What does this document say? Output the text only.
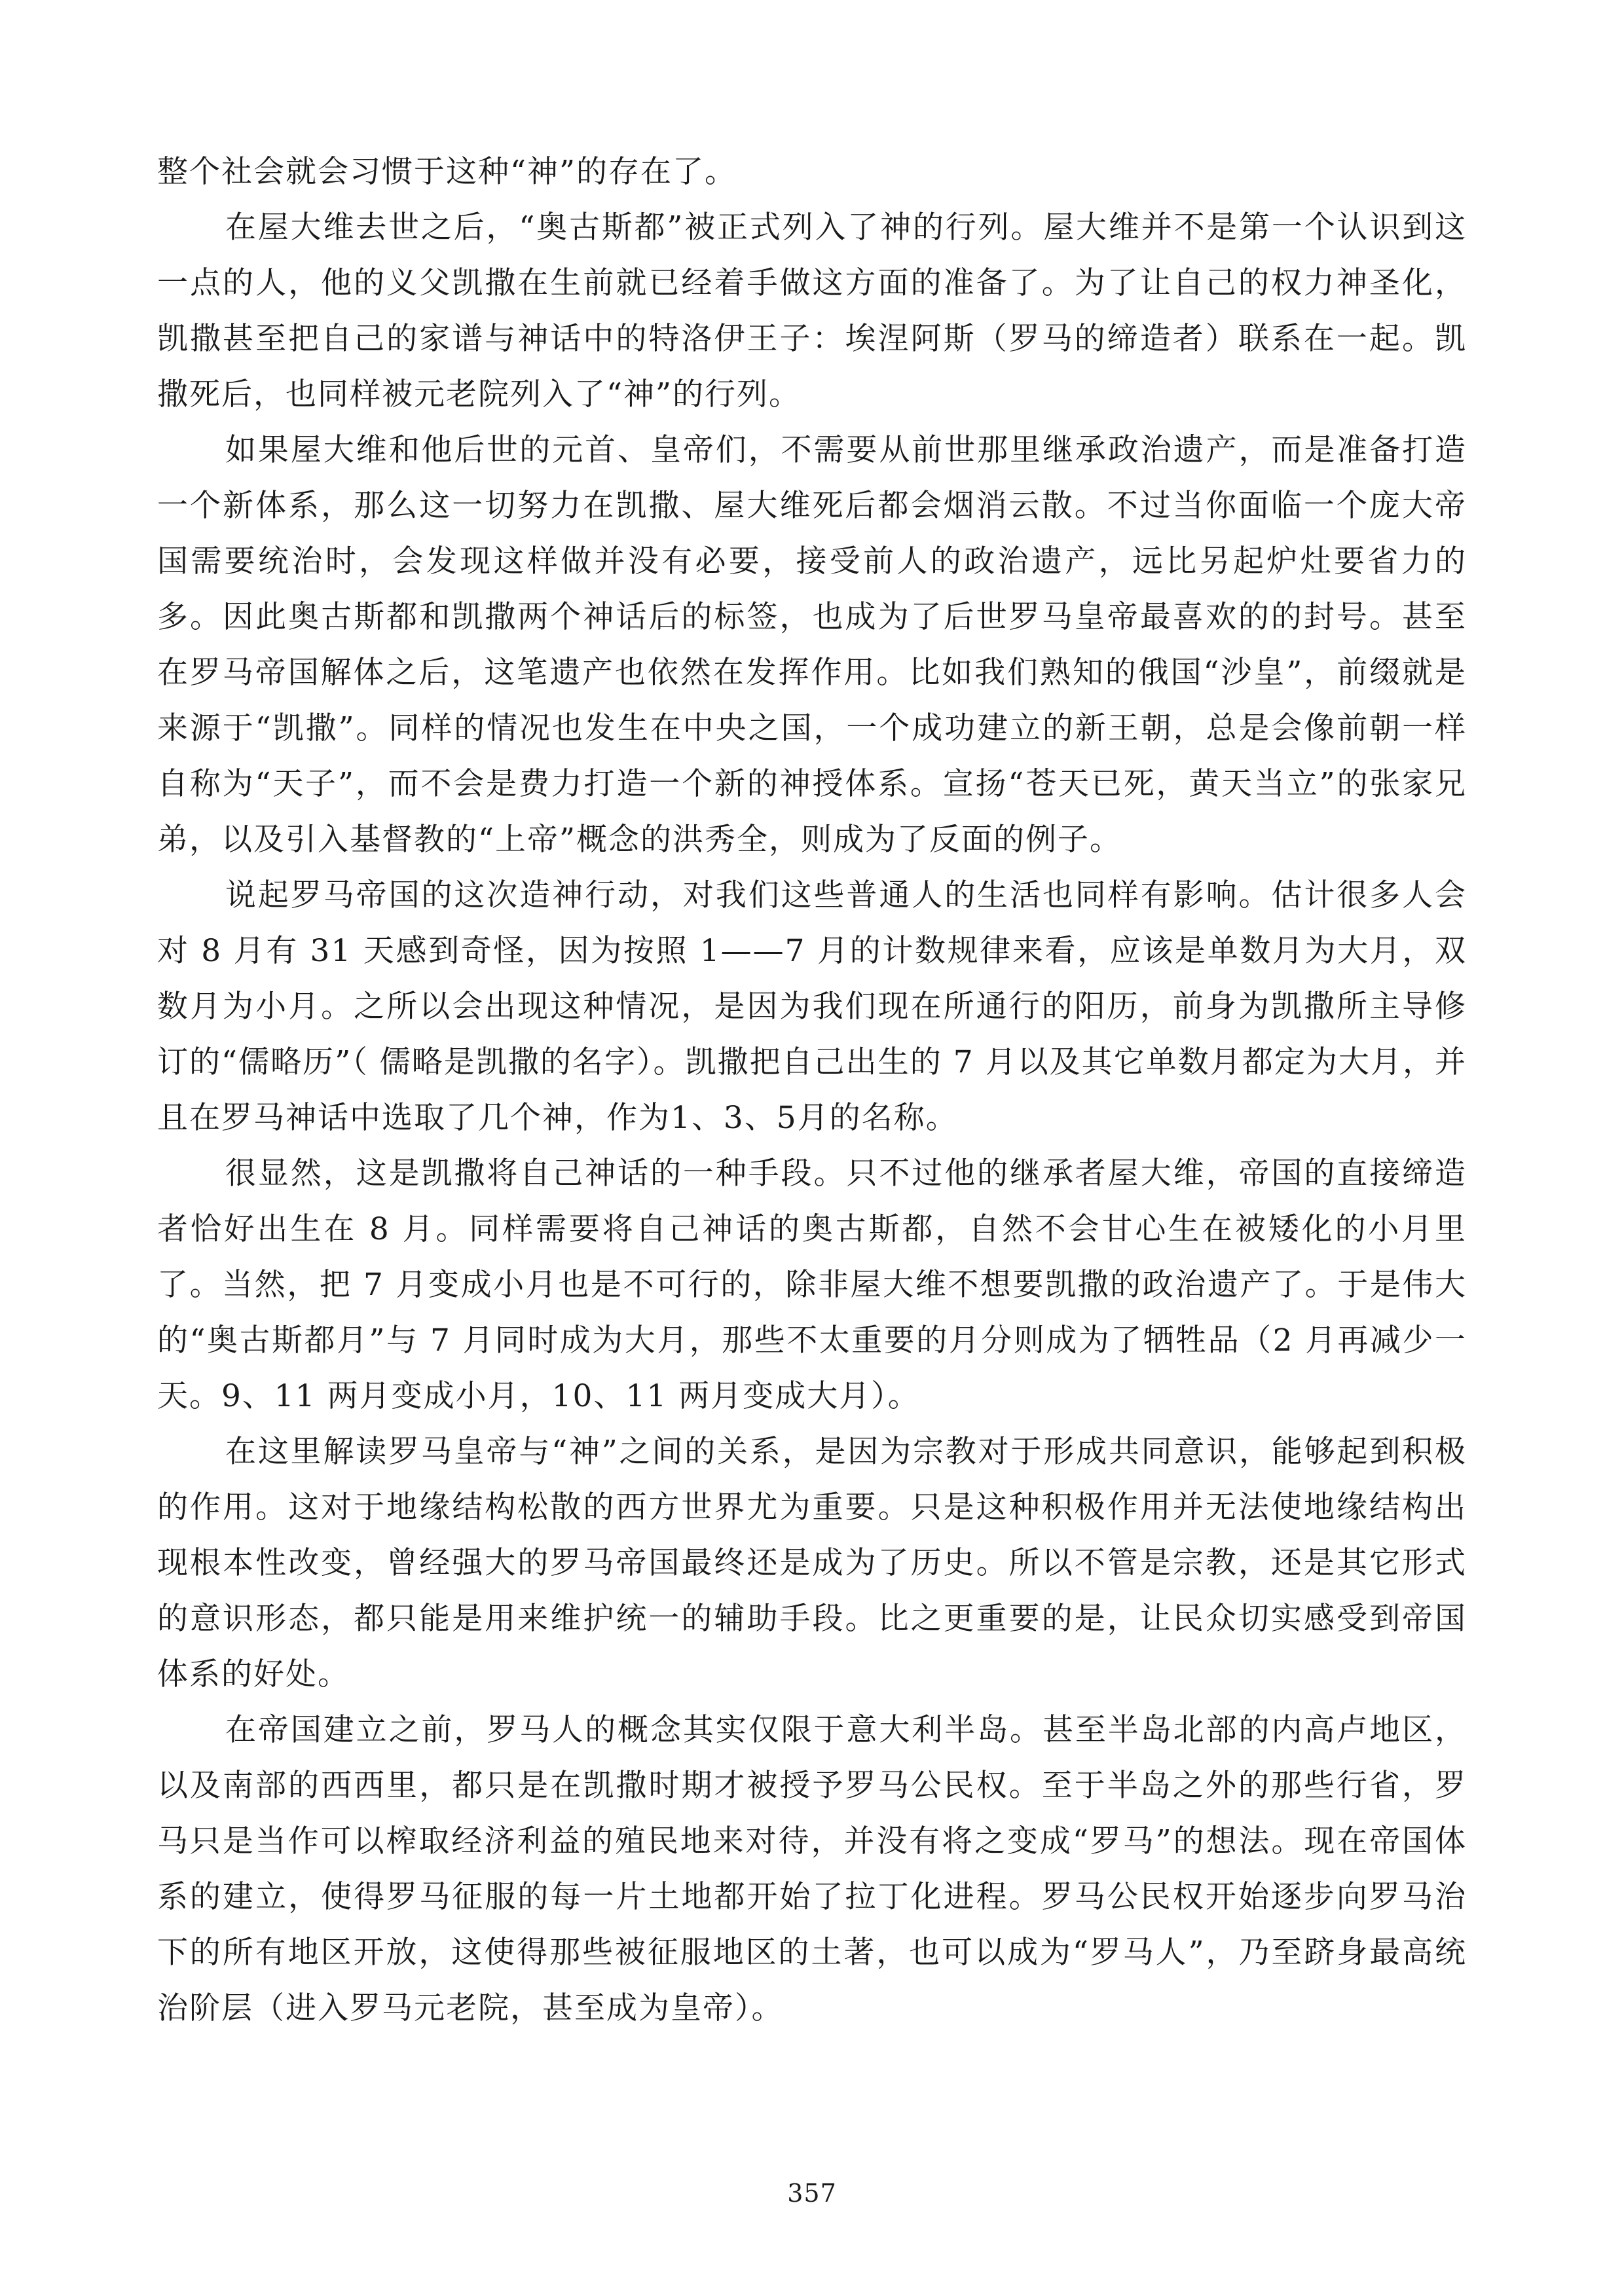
整个社会就会习惯于这种“神”的存在了。

在屋大维去世之后，“奥古斯都”被正式列入了神的行列。屋大维并不是第一个认识到这一点的人，他的义父凯撒在生前就已经着手做这方面的准备了。为了让自己的权力神圣化，凯撒甚至把自己的家谱与神话中的特洛伊王子：埃涅阿斯（罗马的缔造者）联系在一起。凯撒死后，也同样被元老院列入了“神”的行列。

如果屋大维和他后世的元首、皇帝们，不需要从前世那里继承政治遗产，而是准备打造一个新体系，那么这一切努力在凯撒、屋大维死后都会烟消云散。不过当你面临一个庞大帝国需要统治时，会发现这样做并没有必要，接受前人的政治遗产，远比另起炉灶要省力的多。因此奥古斯都和凯撒两个神话后的标签，也成为了后世罗马皇帝最喜欢的的封号。甚至在罗马帝国解体之后，这笔遗产也依然在发挥作用。比如我们熟知的俄国“沙皇”，前缀就是来源于“凯撒”。同样的情况也发生在中央之国，一个成功建立的新王朝，总是会像前朝一样自称为“天子”，而不会是费力打造一个新的神授体系。宣扬“苍天已死，黄天当立”的张家兄弟，以及引入基督教的“上帝”概念的洪秀全，则成为了反面的例子。

说起罗马帝国的这次造神行动，对我们这些普通人的生活也同样有影响。估计很多人会对 8 月有 31 天感到奇怪，因为按照 1——7 月的计数规律来看，应该是单数月为大月，双数月为小月。之所以会出现这种情况，是因为我们现在所通行的阳历，前身为凯撒所主导修订的“儒略历”（ 儒略是凯撒的名字）。凯撒把自己出生的 7 月以及其它单数月都定为大月，并且在罗马神话中选取了几个神，作为1、3、5月的名称。

很显然，这是凯撒将自己神话的一种手段。只不过他的继承者屋大维，帝国的直接缔造者恰好出生在 8 月。同样需要将自己神话的奥古斯都，自然不会甘心生在被矮化的小月里了。当然，把 7 月变成小月也是不可行的，除非屋大维不想要凯撒的政治遗产了。于是伟大的“奥古斯都月”与 7 月同时成为大月，那些不太重要的月分则成为了牺牲品（2 月再减少一天。9、11 两月变成小月，10、11 两月变成大月）。

在这里解读罗马皇帝与“神”之间的关系，是因为宗教对于形成共同意识，能够起到积极的作用。这对于地缘结构松散的西方世界尤为重要。只是这种积极作用并无法使地缘结构出现根本性改变，曾经强大的罗马帝国最终还是成为了历史。所以不管是宗教，还是其它形式的意识形态，都只能是用来维护统一的辅助手段。比之更重要的是，让民众切实感受到帝国体系的好处。

在帝国建立之前，罗马人的概念其实仅限于意大利半岛。甚至半岛北部的内高卢地区，以及南部的西西里，都只是在凯撒时期才被授予罗马公民权。至于半岛之外的那些行省，罗马只是当作可以榨取经济利益的殖民地来对待，并没有将之变成“罗马”的想法。现在帝国体系的建立，使得罗马征服的每一片土地都开始了拉丁化进程。罗马公民权开始逐步向罗马治下的所有地区开放，这使得那些被征服地区的土著，也可以成为“罗马人”，乃至跻身最高统治阶层（进入罗马元老院，甚至成为皇帝）。

357
